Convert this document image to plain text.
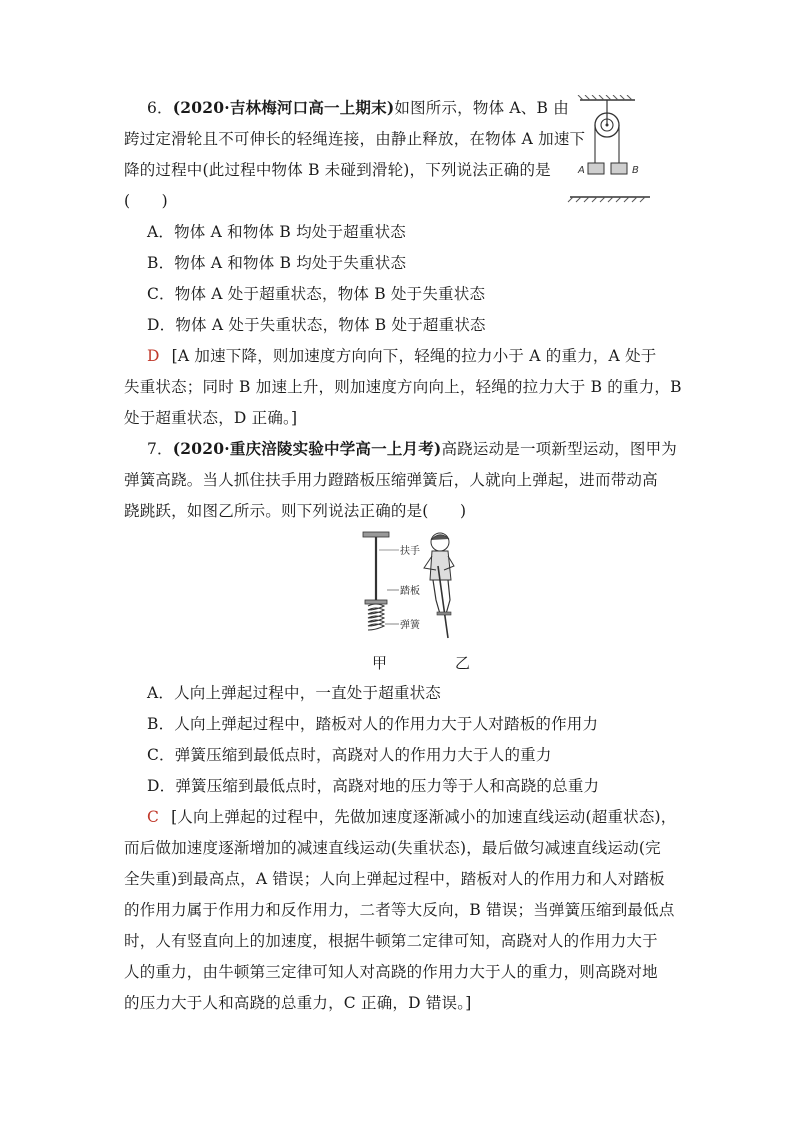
6．(2020·吉林梅河口高一上期末)如图所示，物体 A、B 由
跨过定滑轮且不可伸长的轻绳连接，由静止释放，在物体 A 加速下
降的过程中(此过程中物体 B 未碰到滑轮)，下列说法正确的是
(　　)
A	B
A．物体 A 和物体 B 均处于超重状态
B．物体 A 和物体 B 均处于失重状态
C．物体 A 处于超重状态，物体 B 处于失重状态
D．物体 A 处于失重状态，物体 B 处于超重状态
D [A 加速下降，则加速度方向向下，轻绳的拉力小于 A 的重力，A 处于
失重状态；同时 B 加速上升，则加速度方向向上，轻绳的拉力大于 B 的重力，B
处于超重状态，D 正确。]
7．(2020·重庆涪陵实验中学高一上月考)高跷运动是一项新型运动，图甲为
弹簧高跷。当人抓住扶手用力蹬踏板压缩弹簧后，人就向上弹起，进而带动高
跷跳跃，如图乙所示。则下列说法正确的是(　　)
扶手
踏板
弹簧
甲	乙
A．人向上弹起过程中，一直处于超重状态
B．人向上弹起过程中，踏板对人的作用力大于人对踏板的作用力
C．弹簧压缩到最低点时，高跷对人的作用力大于人的重力
D．弹簧压缩到最低点时，高跷对地的压力等于人和高跷的总重力
C [人向上弹起的过程中，先做加速度逐渐减小的加速直线运动(超重状态)，
而后做加速度逐渐增加的减速直线运动(失重状态)，最后做匀减速直线运动(完
全失重)到最高点，A 错误；人向上弹起过程中，踏板对人的作用力和人对踏板
的作用力属于作用力和反作用力，二者等大反向，B 错误；当弹簧压缩到最低点
时，人有竖直向上的加速度，根据牛顿第二定律可知，高跷对人的作用力大于
人的重力，由牛顿第三定律可知人对高跷的作用力大于人的重力，则高跷对地
的压力大于人和高跷的总重力，C 正确，D 错误。]
